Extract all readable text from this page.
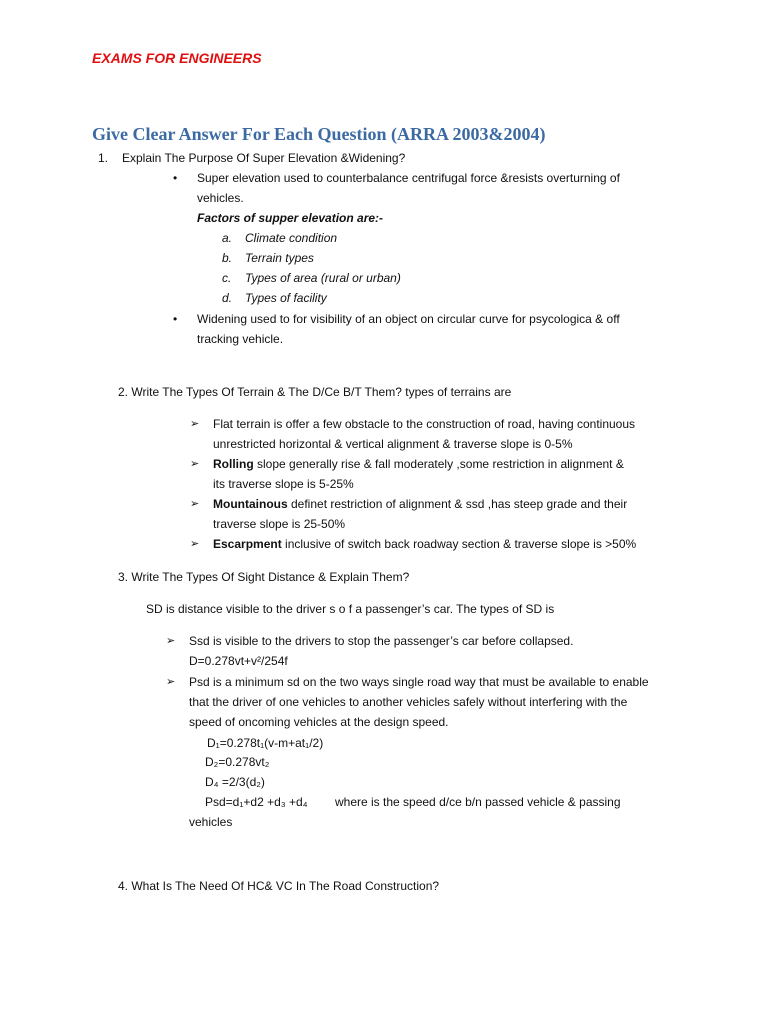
EXAMS FOR ENGINEERS
Give Clear Answer For Each Question (ARRA 2003&2004)
1. Explain The Purpose Of Super Elevation &Widening?
• Super elevation used to counterbalance centrifugal force &resists overturning of
vehicles.
Factors of supper elevation are:-
a. Climate condition
b. Terrain types
c. Types of area (rural or urban)
d. Types of facility
• Widening used to for visibility of an object on circular curve for psycologica & off
tracking vehicle.
2. Write The Types Of Terrain & The D/Ce B/T Them? types of terrains are
➢ Flat terrain is offer a few obstacle to the construction of road, having continuous
unrestricted horizontal & vertical alignment & traverse slope is 0-5%
➢ Rolling slope generally rise & fall moderately ,some restriction in alignment &
its traverse slope is 5-25%
➢ Mountainous definet restriction of alignment & ssd ,has steep grade and their
traverse slope is 25-50%
➢ Escarpment inclusive of switch back roadway section & traverse slope is >50%
3. Write The Types Of Sight Distance & Explain Them?
SD is distance visible to the driver s o f a passenger’s car. The types of SD is
➢ Ssd is visible to the drivers to stop the passenger’s car before collapsed.
D=0.278vt+v²/254f
➢ Psd is a minimum sd on the two ways single road way that must be available to enable
that the driver of one vehicles to another vehicles safely without interfering with the
speed of oncoming vehicles at the design speed.
D₁=0.278t₁(v-m+at₁/2)
D₂=0.278vt₂
D₄ =2/3(d₂)
Psd=d₁+d2 +d₃ +d₄ where is the speed d/ce b/n passed vehicle & passing
vehicles
4. What Is The Need Of HC& VC In The Road Construction?
